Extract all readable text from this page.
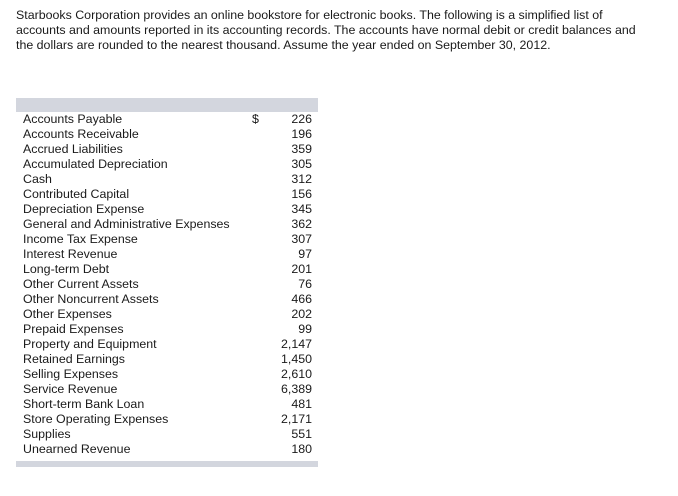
Starbooks Corporation provides an online bookstore for electronic books. The following is a simplified list of accounts and amounts reported in its accounting records. The accounts have normal debit or credit balances and the dollars are rounded to the nearest thousand. Assume the year ended on September 30, 2012.

Accounts Payable	$	226
Accounts Receivable		196
Accrued Liabilities		359
Accumulated Depreciation		305
Cash		312
Contributed Capital		156
Depreciation Expense		345
General and Administrative Expenses		362
Income Tax Expense		307
Interest Revenue		97
Long-term Debt		201
Other Current Assets		76
Other Noncurrent Assets		466
Other Expenses		202
Prepaid Expenses		99
Property and Equipment		2,147
Retained Earnings		1,450
Selling Expenses		2,610
Service Revenue		6,389
Short-term Bank Loan		481
Store Operating Expenses		2,171
Supplies		551
Unearned Revenue		180
